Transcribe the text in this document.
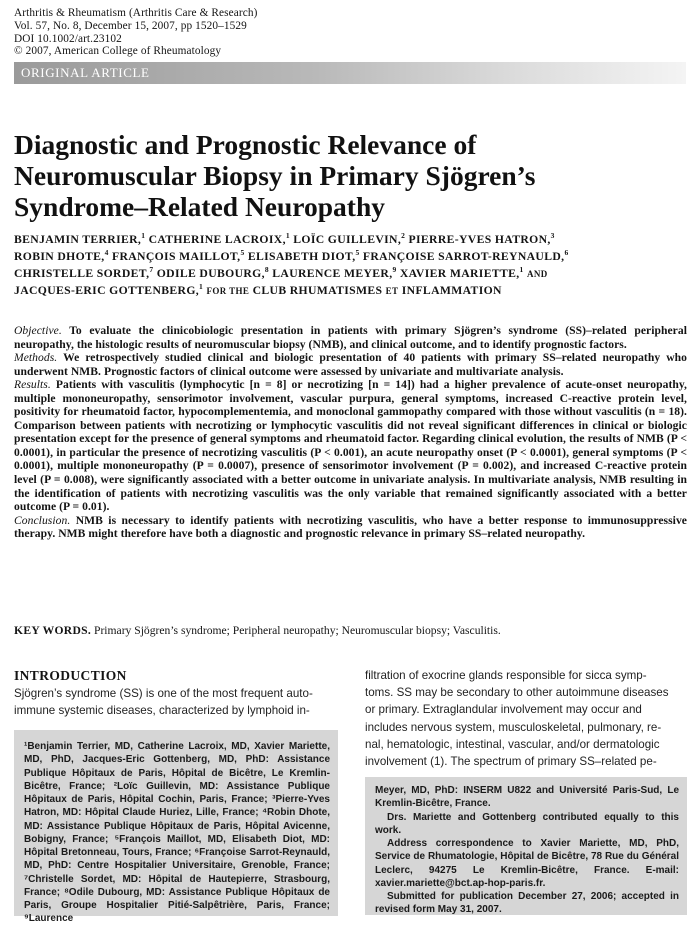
Arthritis & Rheumatism (Arthritis Care & Research)
Vol. 57, No. 8, December 15, 2007, pp 1520–1529
DOI 10.1002/art.23102
© 2007, American College of Rheumatology
ORIGINAL ARTICLE
Diagnostic and Prognostic Relevance of
Neuromuscular Biopsy in Primary Sjögren’s
Syndrome–Related Neuropathy
BENJAMIN TERRIER,$^1$ CATHERINE LACROIX,$^1$ LOÏC GUILLEVIN,$^2$ PIERRE-YVES HATRON,$^3$
ROBIN DHOTE,$^4$ FRANÇOIS MAILLOT,$^5$ ELISABETH DIOT,$^5$ FRANÇOISE SARROT-REYNAULD,$^6$
CHRISTELLE SORDET,$^7$ ODILE DUBOURG,$^8$ LAURENCE MEYER,$^9$ XAVIER MARIETTE,$^1$ AND
JACQUES-ERIC GOTTENBERG,$^1$ FOR THE CLUB RHUMATISMES ET INFLAMMATION

Objective. To evaluate the clinicobiologic presentation in patients with primary Sjögren’s syndrome (SS)–related peripheral neuropathy, the histologic results of neuromuscular biopsy (NMB), and clinical outcome, and to identify prognostic factors.

Methods. We retrospectively studied clinical and biologic presentation of 40 patients with primary SS–related neuropathy who underwent NMB. Prognostic factors of clinical outcome were assessed by univariate and multivariate analysis.

Results. Patients with vasculitis (lymphocytic [n = 8] or necrotizing [n = 14]) had a higher prevalence of acute-onset neuropathy, multiple mononeuropathy, sensorimotor involvement, vascular purpura, general symptoms, increased C-reactive protein level, positivity for rheumatoid factor, hypocomplementemia, and monoclonal gammopathy compared with those without vasculitis (n = 18). Comparison between patients with necrotizing or lymphocytic vasculitis did not reveal significant differences in clinical or biologic presentation except for the presence of general symptoms and rheumatoid factor. Regarding clinical evolution, the results of NMB (P < 0.0001), in particular the presence of necrotizing vasculitis (P < 0.001), an acute neuropathy onset (P < 0.0001), general symptoms (P < 0.0001), multiple mononeuropathy (P = 0.0007), presence of sensorimotor involvement (P = 0.002), and increased C-reactive protein level (P = 0.008), were significantly associated with a better outcome in univariate analysis. In multivariate analysis, NMB resulting in the identification of patients with necrotizing vasculitis was the only variable that remained significantly associated with a better outcome (P = 0.01).

Conclusion. NMB is necessary to identify patients with necrotizing vasculitis, who have a better response to immunosuppressive therapy. NMB might therefore have both a diagnostic and prognostic relevance in primary SS–related neuropathy.

KEY WORDS. Primary Sjögren’s syndrome; Peripheral neuropathy; Neuromuscular biopsy; Vasculitis.
INTRODUCTION
Sjögren’s syndrome (SS) is one of the most frequent auto-
immune systemic diseases, characterized by lymphoid in-
filtration of exocrine glands responsible for sicca symp-
toms. SS may be secondary to other autoimmune diseases
or primary. Extraglandular involvement may occur and
includes nervous system, musculoskeletal, pulmonary, re-
nal, hematologic, intestinal, vascular, and/or dermatologic
involvement (1). The spectrum of primary SS–related pe-
¹Benjamin Terrier, MD, Catherine Lacroix, MD, Xavier Mariette, MD, PhD, Jacques-Eric Gottenberg, MD, PhD: Assistance Publique Hôpitaux de Paris, Hôpital de Bicêtre, Le Kremlin-Bicêtre, France; ²Loïc Guillevin, MD: Assistance Publique Hôpitaux de Paris, Hôpital Cochin, Paris, France; ³Pierre-Yves Hatron, MD: Hôpital Claude Huriez, Lille, France; ⁴Robin Dhote, MD: Assistance Publique Hôpitaux de Paris, Hôpital Avicenne, Bobigny, France; ⁵François Maillot, MD, Elisabeth Diot, MD: Hôpital Bretonneau, Tours, France; ⁶Françoise Sarrot-Reynauld, MD, PhD: Centre Hospitalier Universitaire, Grenoble, France; ⁷Christelle Sordet, MD: Hôpital de Hautepierre, Strasbourg, France; ⁸Odile Dubourg, MD: Assistance Publique Hôpitaux de Paris, Groupe Hospitalier Pitié-Salpêtrière, Paris, France; ⁹Laurence

Meyer, MD, PhD: INSERM U822 and Université Paris-Sud, Le Kremlin-Bicêtre, France.

Drs. Mariette and Gottenberg contributed equally to this work.

Address correspondence to Xavier Mariette, MD, PhD, Service de Rhumatologie, Hôpital de Bicêtre, 78 Rue du Général Leclerc, 94275 Le Kremlin-Bicêtre, France. E-mail: xavier.mariette@bct.ap-hop-paris.fr.

Submitted for publication December 27, 2006; accepted in revised form May 31, 2007.
